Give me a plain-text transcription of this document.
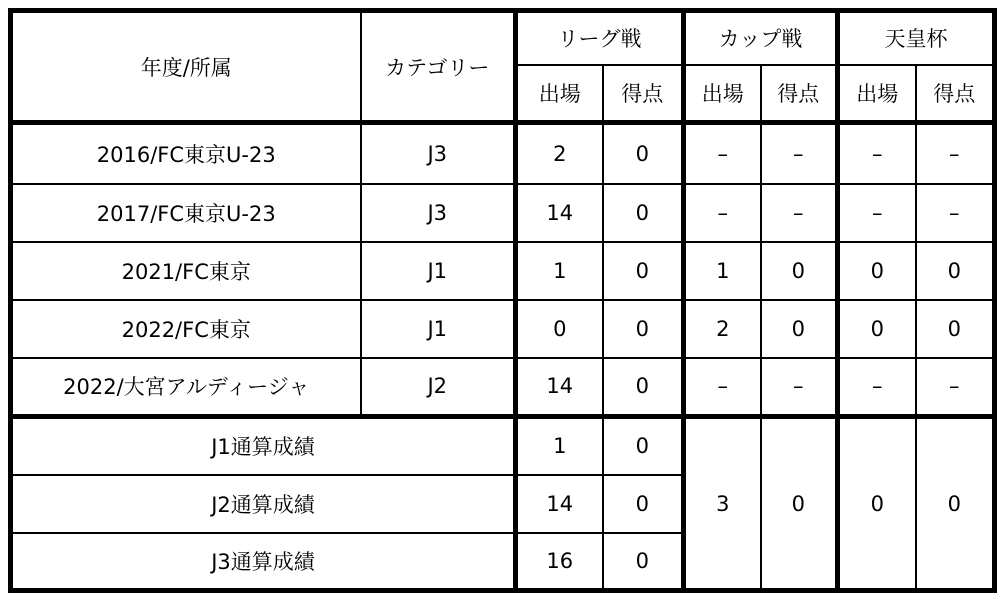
年度/所属	カテゴリー	リーグ戦		カップ戦		天皇杯	
		出場	得点	出場	得点	出場	得点
2016/FC東京U-23	J3	2	0	–	–	–	–
2017/FC東京U-23	J3	14	0	–	–	–	–
2021/FC東京	J1	1	0	1	0	0	0
2022/FC東京	J1	0	0	2	0	0	0
2022/大宮アルディージャ	J2	14	0	–	–	–	–
J1通算成績		1	0	3	0	0	0
J2通算成績		14	0				
J3通算成績		16	0				
